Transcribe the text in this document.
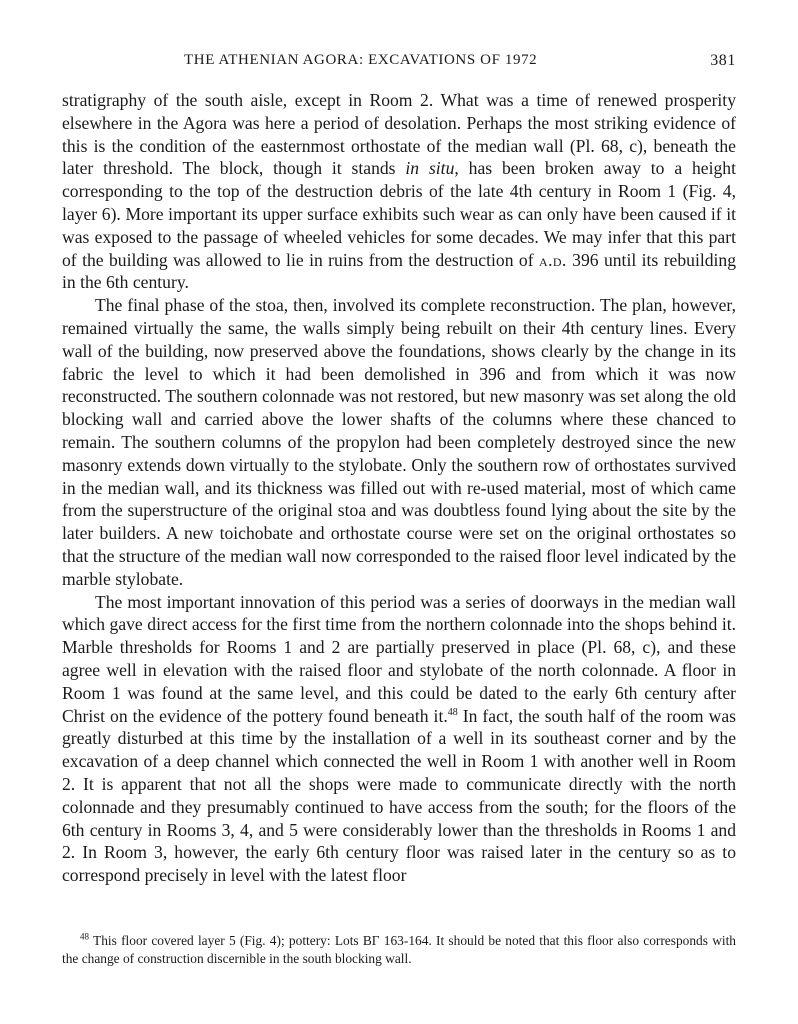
THE ATHENIAN AGORA: EXCAVATIONS OF 1972	381

stratigraphy of the south aisle, except in Room 2. What was a time of renewed prosperity elsewhere in the Agora was here a period of desolation. Perhaps the most striking evidence of this is the condition of the easternmost orthostate of the median wall (Pl. 68, c), beneath the later threshold. The block, though it stands in situ, has been broken away to a height corresponding to the top of the destruction debris of the late 4th century in Room 1 (Fig. 4, layer 6). More important its upper surface exhibits such wear as can only have been caused if it was exposed to the passage of wheeled vehicles for some decades. We may infer that this part of the building was allowed to lie in ruins from the destruction of a.d. 396 until its rebuilding in the 6th century.

The final phase of the stoa, then, involved its complete reconstruction. The plan, however, remained virtually the same, the walls simply being rebuilt on their 4th century lines. Every wall of the building, now preserved above the foundations, shows clearly by the change in its fabric the level to which it had been demolished in 396 and from which it was now reconstructed. The southern colonnade was not restored, but new masonry was set along the old blocking wall and carried above the lower shafts of the columns where these chanced to remain. The southern columns of the propylon had been completely destroyed since the new masonry extends down virtually to the stylobate. Only the southern row of orthostates survived in the median wall, and its thickness was filled out with re-used material, most of which came from the superstructure of the original stoa and was doubtless found lying about the site by the later builders. A new toichobate and orthostate course were set on the original orthostates so that the structure of the median wall now corresponded to the raised floor level indicated by the marble stylobate.

The most important innovation of this period was a series of doorways in the median wall which gave direct access for the first time from the northern colonnade into the shops behind it. Marble thresholds for Rooms 1 and 2 are partially preserved in place (Pl. 68, c), and these agree well in elevation with the raised floor and stylobate of the north colonnade. A floor in Room 1 was found at the same level, and this could be dated to the early 6th century after Christ on the evidence of the pottery found beneath it.$^{48}$ In fact, the south half of the room was greatly disturbed at this time by the installation of a well in its southeast corner and by the excavation of a deep channel which connected the well in Room 1 with another well in Room 2. It is apparent that not all the shops were made to communicate directly with the north colonnade and they presumably continued to have access from the south; for the floors of the 6th century in Rooms 3, 4, and 5 were considerably lower than the thresholds in Rooms 1 and 2. In Room 3, however, the early 6th century floor was raised later in the century so as to correspond precisely in level with the latest floor

$^{48}$ This floor covered layer 5 (Fig. 4); pottery: Lots ΒΓ 163-164. It should be noted that this floor also corresponds with the change of construction discernible in the south blocking wall.
